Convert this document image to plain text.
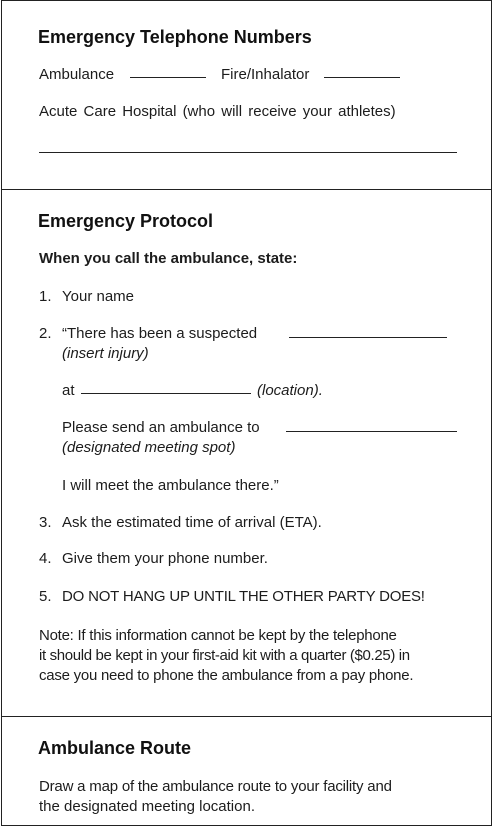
Emergency Telephone Numbers
Ambulance	Fire/Inhalator
Acute Care Hospital (who will receive your athletes)
Emergency Protocol
When you call the ambulance, state:
1. Your name
2. “There has been a suspected
(insert injury)
at	(location).
Please send an ambulance to
(designated meeting spot)
I will meet the ambulance there.”
3. Ask the estimated time of arrival (ETA).
4. Give them your phone number.
5. DO NOT HANG UP UNTIL THE OTHER PARTY DOES!
Note: If this information cannot be kept by the telephone
it should be kept in your first-aid kit with a quarter ($0.25) in
case you need to phone the ambulance from a pay phone.
Ambulance Route
Draw a map of the ambulance route to your facility and
the designated meeting location.
